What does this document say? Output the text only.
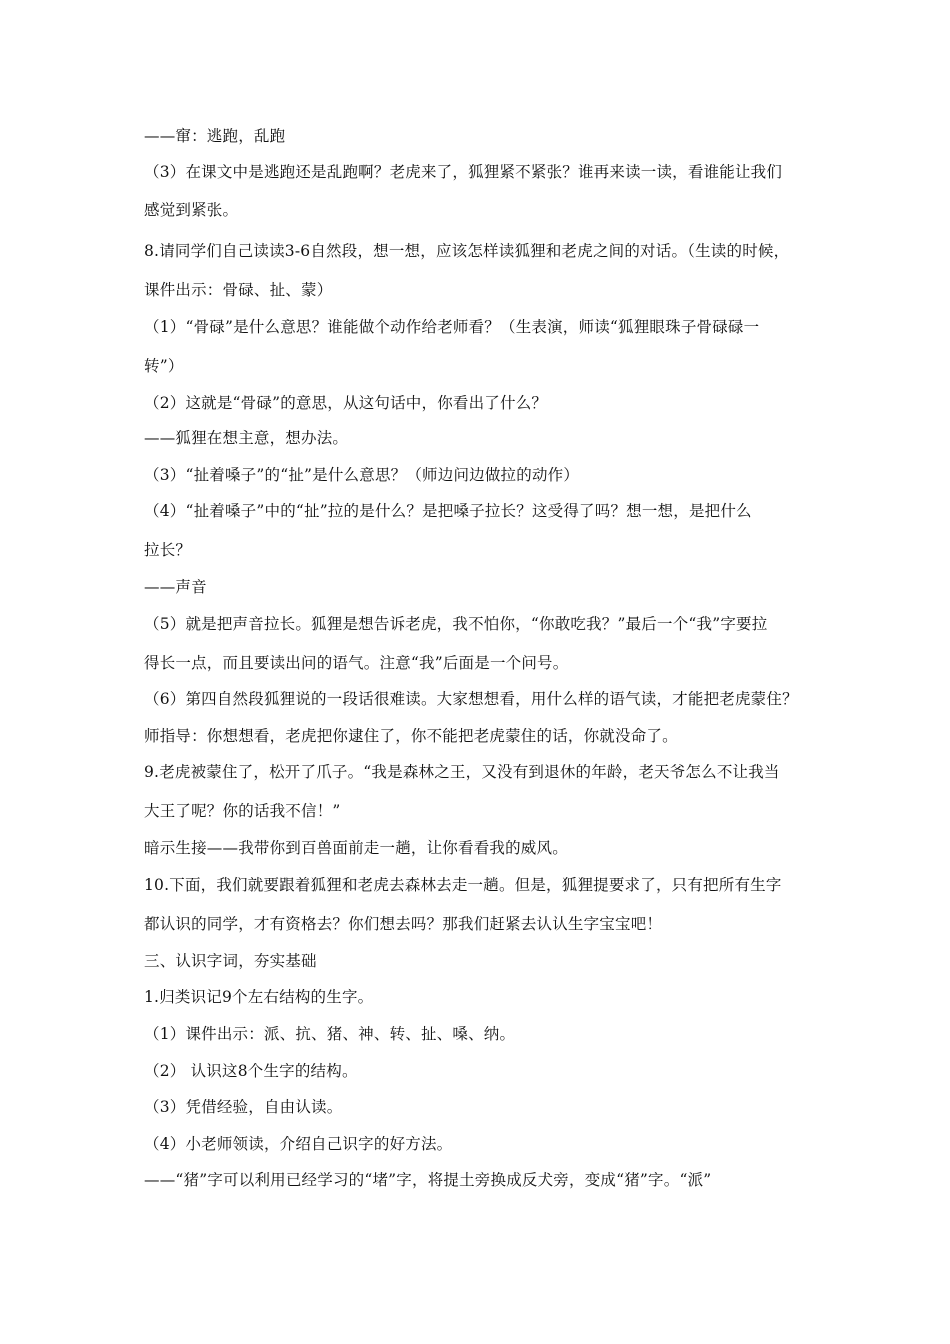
——窜：逃跑，乱跑
（3）在课文中是逃跑还是乱跑啊？老虎来了，狐狸紧不紧张？谁再来读一读，看谁能让我们
感觉到紧张。
8.请同学们自己读读3-6自然段，想一想，应该怎样读狐狸和老虎之间的对话。（生读的时候，
课件出示：骨碌、扯、蒙）
（1）“骨碌”是什么意思？谁能做个动作给老师看？（生表演，师读“狐狸眼珠子骨碌碌一
转”）
（2）这就是“骨碌”的意思，从这句话中，你看出了什么？
——狐狸在想主意，想办法。
（3）“扯着嗓子”的“扯”是什么意思？（师边问边做拉的动作）
（4）“扯着嗓子”中的“扯”拉的是什么？是把嗓子拉长？这受得了吗？想一想，是把什么
拉长？
——声音
（5）就是把声音拉长。狐狸是想告诉老虎，我不怕你，“你敢吃我？”最后一个“我”字要拉
得长一点，而且要读出问的语气。注意“我”后面是一个问号。
（6）第四自然段狐狸说的一段话很难读。大家想想看，用什么样的语气读，才能把老虎蒙住？
师指导：你想想看，老虎把你逮住了，你不能把老虎蒙住的话，你就没命了。
9.老虎被蒙住了，松开了爪子。“我是森林之王，又没有到退休的年龄，老天爷怎么不让我当
大王了呢？你的话我不信！”
暗示生接——我带你到百兽面前走一趟，让你看看我的威风。
10.下面，我们就要跟着狐狸和老虎去森林去走一趟。但是，狐狸提要求了，只有把所有生字
都认识的同学，才有资格去？你们想去吗？那我们赶紧去认认生字宝宝吧！
三、认识字词，夯实基础
1.归类识记9个左右结构的生字。
（1）课件出示：派、抗、猪、神、转、扯、嗓、纳。
（2） 认识这8个生字的结构。
（3）凭借经验，自由认读。
（4）小老师领读，介绍自己识字的好方法。
——“猪”字可以利用已经学习的“堵”字，将提土旁换成反犬旁，变成“猪”字。“派”
